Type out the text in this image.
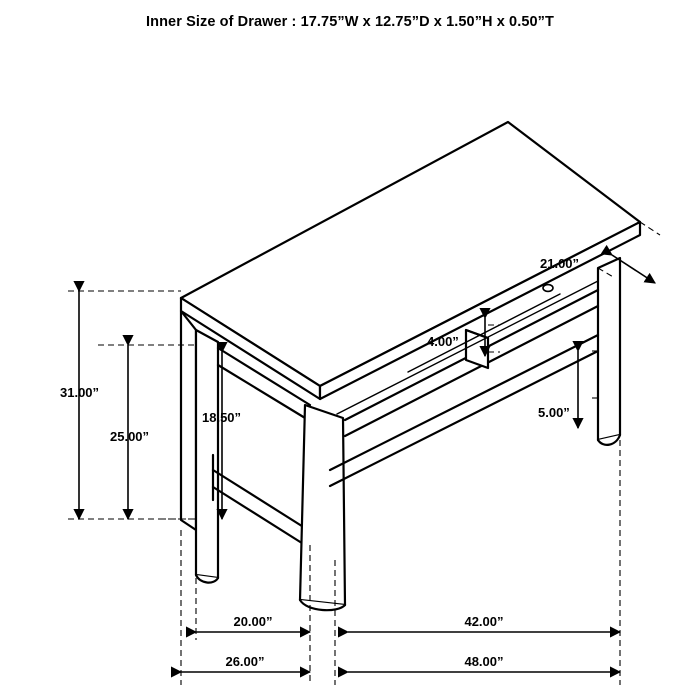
Inner Size of Drawer : 17.75”W x 12.75”D x 1.50”H x 0.50”T
31.00”
25.00”
18.50”
21.00”
4.00”
5.00”
20.00”	42.00”
26.00”	48.00”
